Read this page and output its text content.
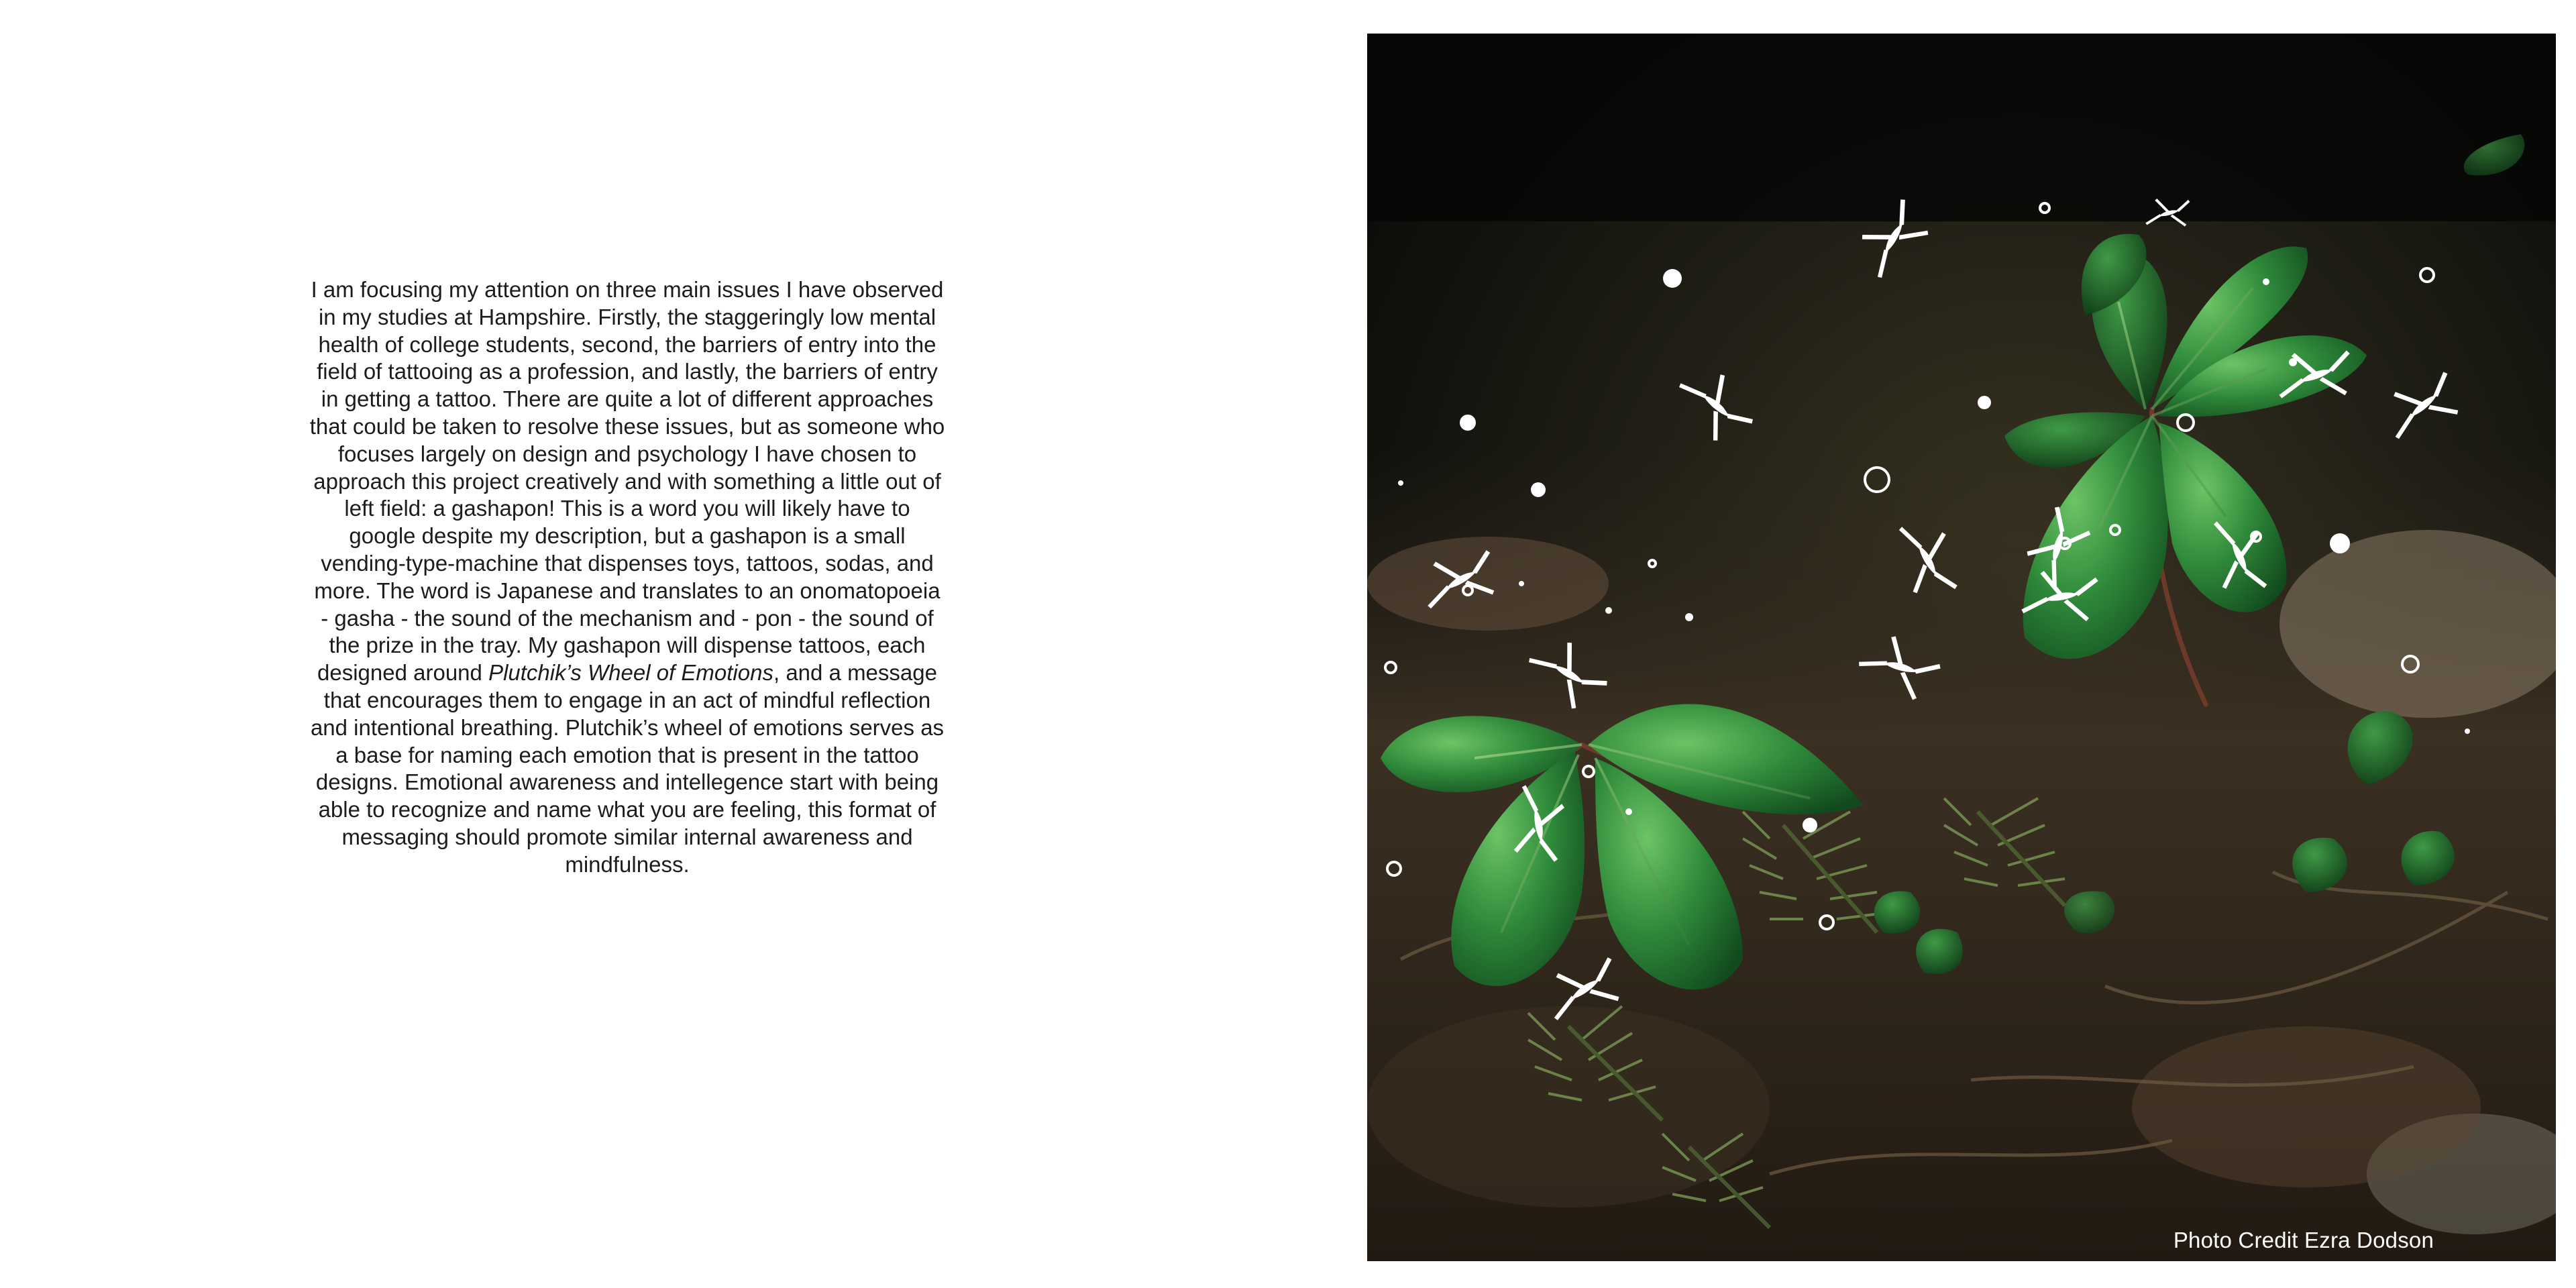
I am focusing my attention on three main issues I have observed in my studies at Hampshire. Firstly, the staggeringly low mental health of college students, second, the barriers of entry into the field of tattooing as a profession, and lastly, the barriers of entry in getting a tattoo. There are quite a lot of different approaches that could be taken to resolve these issues, but as someone who focuses largely on design and psychology I have chosen to approach this project creatively and with something a little out of left field: a gashapon! This is a word you will likely have to google despite my description, but a gashapon is a small vending-type-machine that dispenses toys, tattoos, sodas, and more. The word is Japanese and translates to an onomatopoeia - gasha - the sound of the mechanism and - pon - the sound of the prize in the tray. My gashapon will dispense tattoos, each designed around Plutchik’s Wheel of Emotions, and a message that encourages them to engage in an act of mindful reflection and intentional breathing. Plutchik’s wheel of emotions serves as a base for naming each emotion that is present in the tattoo designs. Emotional awareness and intellegence start with being able to recognize and name what you are feeling, this format of messaging should promote similar internal awareness and mindfulness.

Photo Credit Ezra Dodson
